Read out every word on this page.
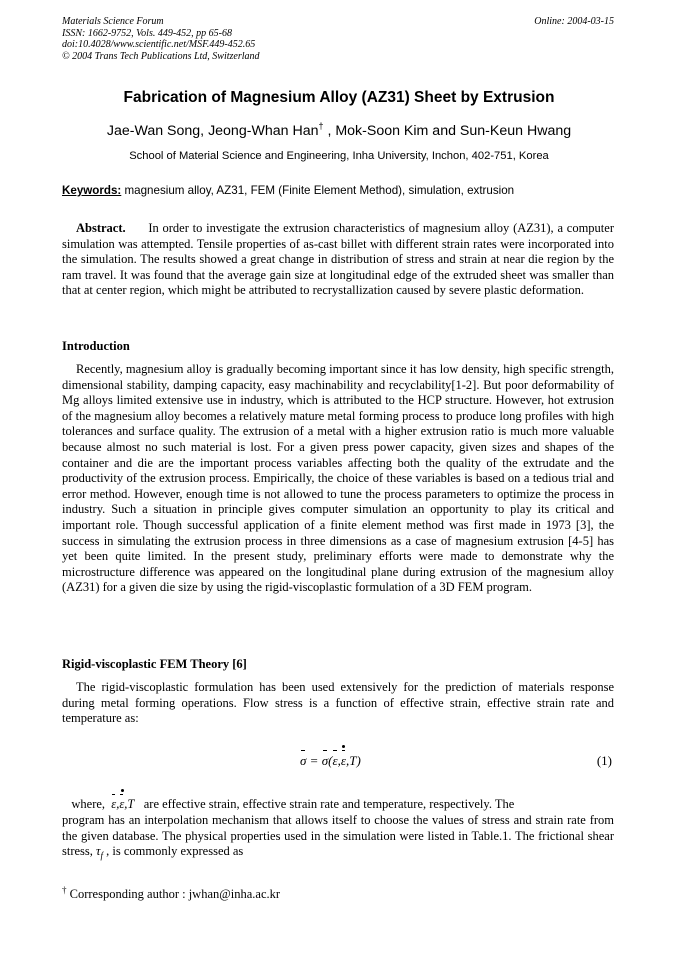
Materials Science Forum
ISSN: 1662-9752, Vols. 449-452, pp 65-68
doi:10.4028/www.scientific.net/MSF.449-452.65
© 2004 Trans Tech Publications Ltd, Switzerland
Online: 2004-03-15
Fabrication of Magnesium Alloy (AZ31) Sheet by Extrusion
Jae-Wan Song, Jeong-Whan Han† , Mok-Soon Kim and Sun-Keun Hwang
School of Material Science and Engineering, Inha University, Inchon, 402-751, Korea
Keywords: magnesium alloy, AZ31, FEM (Finite Element Method), simulation, extrusion
Abstract. In order to investigate the extrusion characteristics of magnesium alloy (AZ31), a computer simulation was attempted. Tensile properties of as-cast billet with different strain rates were incorporated into the simulation. The results showed a great change in distribution of stress and strain at near die region by the ram travel. It was found that the average gain size at longitudinal edge of the extruded sheet was smaller than that at center region, which might be attributed to recrystallization caused by severe plastic deformation.
Introduction
Recently, magnesium alloy is gradually becoming important since it has low density, high specific strength, dimensional stability, damping capacity, easy machinability and recyclability[1-2]. But poor deformability of Mg alloys limited extensive use in industry, which is attributed to the HCP structure. However, hot extrusion of the magnesium alloy becomes a relatively mature metal forming process to produce long profiles with high tolerances and surface quality. The extrusion of a metal with a higher extrusion ratio is much more valuable because almost no such material is lost. For a given press power capacity, given sizes and shapes of the container and die are the important process variables affecting both the quality of the extrudate and the productivity of the extrusion process. Empirically, the choice of these variables is based on a tedious trial and error method. However, enough time is not allowed to tune the process parameters to optimize the process in industry. Such a situation in principle gives computer simulation an opportunity to play its critical and important role. Though successful application of a finite element method was first made in 1973 [3], the success in simulating the extrusion process in three dimensions as a case of magnesium extrusion [4-5] has yet been quite limited. In the present study, preliminary efforts were made to demonstrate why the microstructure difference was appeared on the longitudinal plane during extrusion of the magnesium alloy (AZ31) for a given die size by using the rigid-viscoplastic formulation of a 3D FEM program.
Rigid-viscoplastic FEM Theory [6]
The rigid-viscoplastic formulation has been used extensively for the prediction of materials response during metal forming operations. Flow stress is a function of effective strain, effective strain rate and temperature as:
σ = σ(ε,ε,T)	(1)
where,  ε,ε,T   are effective strain, effective strain rate and temperature, respectively. The
program has an interpolation mechanism that allows itself to choose the values of stress and strain rate from the given database. The physical properties used in the simulation were listed in Table.1. The frictional shear stress, $\tau_f$ , is commonly expressed as
† Corresponding author : jwhan@inha.ac.kr
